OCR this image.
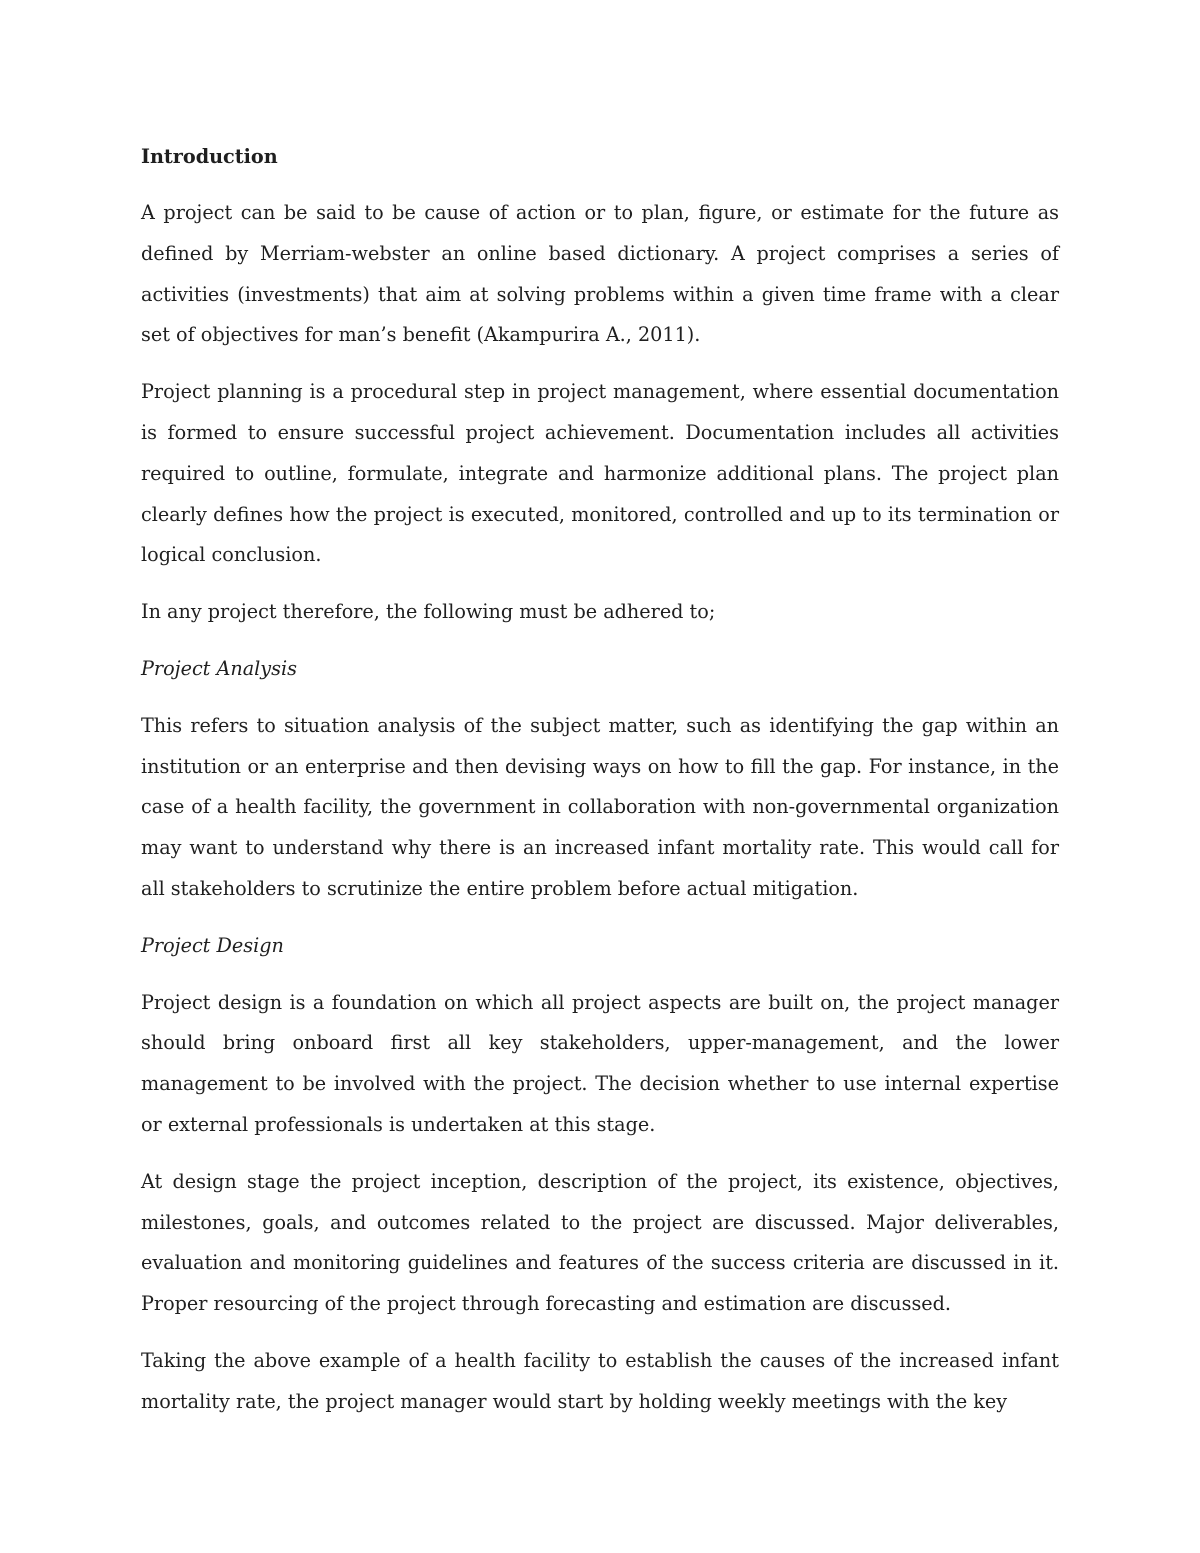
Introduction

A project can be said to be cause of action or to plan, figure, or estimate for the future as defined by Merriam-webster an online based dictionary. A project comprises a series of activities (investments) that aim at solving problems within a given time frame with a clear set of objectives for man’s benefit (Akampurira A., 2011).

Project planning is a procedural step in project management, where essential documentation is formed to ensure successful project achievement. Documentation includes all activities required to outline, formulate, integrate and harmonize additional plans. The project plan clearly defines how the project is executed, monitored, controlled and up to its termination or logical conclusion.

In any project therefore, the following must be adhered to;

Project Analysis

This refers to situation analysis of the subject matter, such as identifying the gap within an institution or an enterprise and then devising ways on how to fill the gap. For instance, in the case of a health facility, the government in collaboration with non-governmental organization may want to understand why there is an increased infant mortality rate. This would call for all stakeholders to scrutinize the entire problem before actual mitigation.

Project Design

Project design is a foundation on which all project aspects are built on, the project manager should bring onboard first all key stakeholders, upper-management, and the lower management to be involved with the project. The decision whether to use internal expertise or external professionals is undertaken at this stage.

At design stage the project inception, description of the project, its existence, objectives, milestones, goals, and outcomes related to the project are discussed. Major deliverables, evaluation and monitoring guidelines and features of the success criteria are discussed in it. Proper resourcing of the project through forecasting and estimation are discussed.

Taking the above example of a health facility to establish the causes of the increased infant mortality rate, the project manager would start by holding weekly meetings with the key
